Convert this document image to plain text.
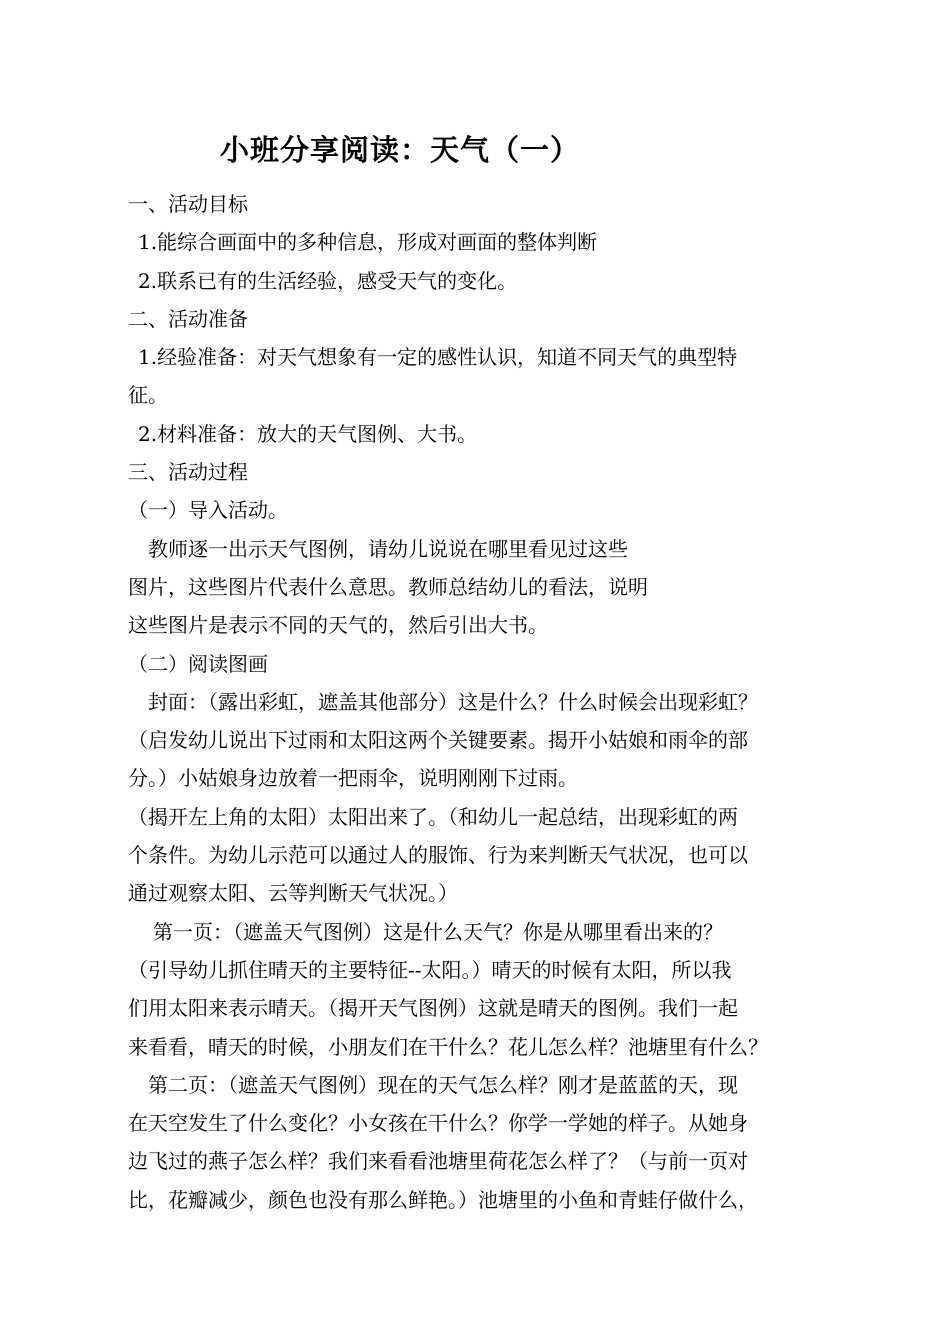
小班分享阅读：天气（一）
一、活动目标
1.能综合画面中的多种信息，形成对画面的整体判断
2.联系已有的生活经验，感受天气的变化。
二、活动准备
1.经验准备：对天气想象有一定的感性认识，知道不同天气的典型特
征。
2.材料准备：放大的天气图例、大书。
三、活动过程
（一）导入活动。
教师逐一出示天气图例，请幼儿说说在哪里看见过这些
图片，这些图片代表什么意思。教师总结幼儿的看法，说明
这些图片是表示不同的天气的，然后引出大书。
（二）阅读图画
封面：（露出彩虹，遮盖其他部分）这是什么？什么时候会出现彩虹？
（启发幼儿说出下过雨和太阳这两个关键要素。揭开小姑娘和雨伞的部
分。）小姑娘身边放着一把雨伞，说明刚刚下过雨。
（揭开左上角的太阳）太阳出来了。（和幼儿一起总结，出现彩虹的两
个条件。为幼儿示范可以通过人的服饰、行为来判断天气状况，也可以
通过观察太阳、云等判断天气状况。）
第一页：（遮盖天气图例）这是什么天气？你是从哪里看出来的？
（引导幼儿抓住晴天的主要特征--太阳。）晴天的时候有太阳，所以我
们用太阳来表示晴天。（揭开天气图例）这就是晴天的图例。我们一起
来看看，晴天的时候，小朋友们在干什么？花儿怎么样？池塘里有什么？
第二页：（遮盖天气图例）现在的天气怎么样？刚才是蓝蓝的天，现
在天空发生了什么变化？小女孩在干什么？你学一学她的样子。从她身
边飞过的燕子怎么样？我们来看看池塘里荷花怎么样了？（与前一页对
比，花瓣减少，颜色也没有那么鲜艳。）池塘里的小鱼和青蛙仔做什么，
